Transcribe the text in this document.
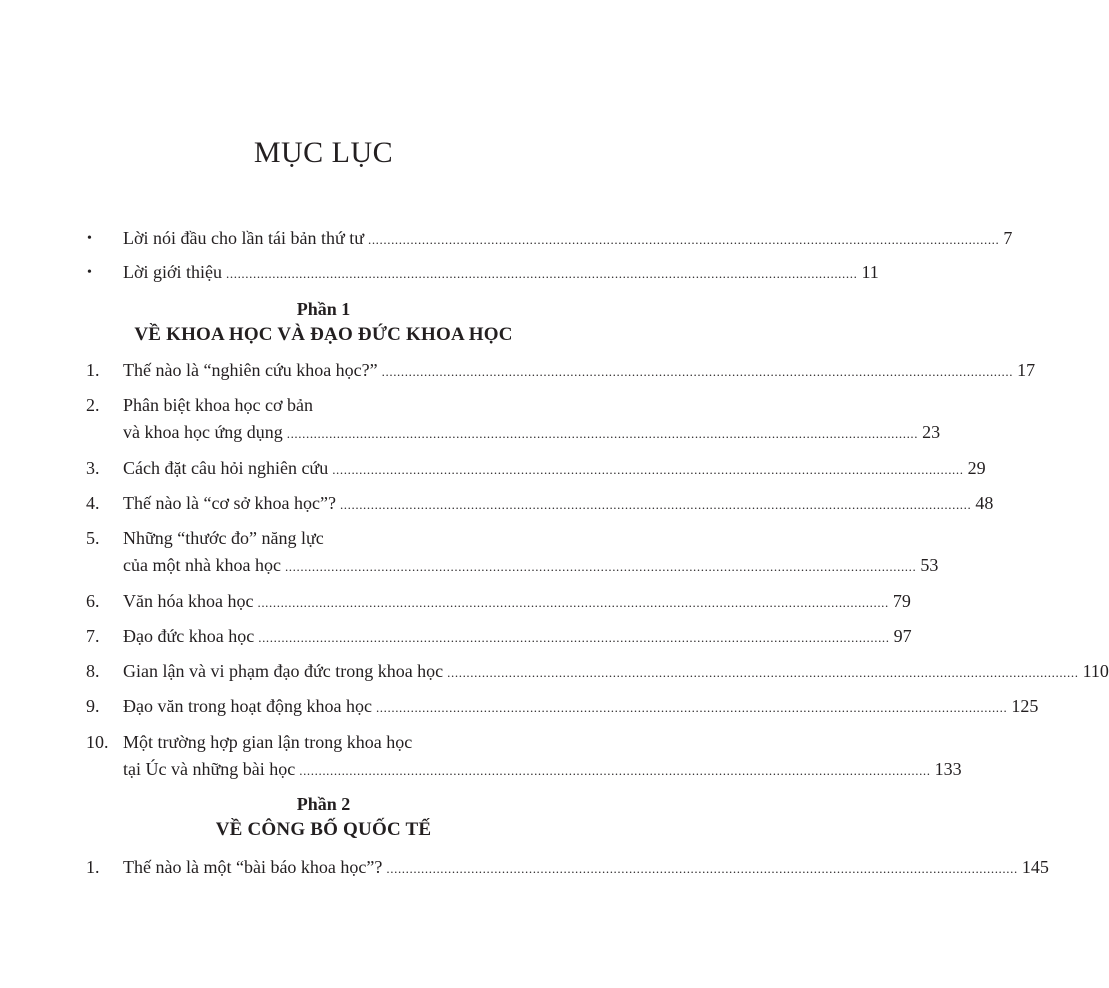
MỤC LỤC
• Lời nói đầu cho lần tái bản thứ tư .................................................................................................................................................................... 7
• Lời giới thiệu .................................................................................................................................................................... 11
Phần 1
VỀ KHOA HỌC VÀ ĐẠO ĐỨC KHOA HỌC
1. Thế nào là “nghiên cứu khoa học?” .................................................................................................................................................................... 17
2. Phân biệt khoa học cơ bản
và khoa học ứng dụng .................................................................................................................................................................... 23
3. Cách đặt câu hỏi nghiên cứu .................................................................................................................................................................... 29
4. Thế nào là “cơ sở khoa học”? .................................................................................................................................................................... 48
5. Những “thước đo” năng lực
của một nhà khoa học .................................................................................................................................................................... 53
6. Văn hóa khoa học .................................................................................................................................................................... 79
7. Đạo đức khoa học .................................................................................................................................................................... 97
8. Gian lận và vi phạm đạo đức trong khoa học .................................................................................................................................................................... 110
9. Đạo văn trong hoạt động khoa học .................................................................................................................................................................... 125
10. Một trường hợp gian lận trong khoa học
tại Úc và những bài học .................................................................................................................................................................... 133
Phần 2
VỀ CÔNG BỐ QUỐC TẾ
1. Thế nào là một “bài báo khoa học”? .................................................................................................................................................................... 145
